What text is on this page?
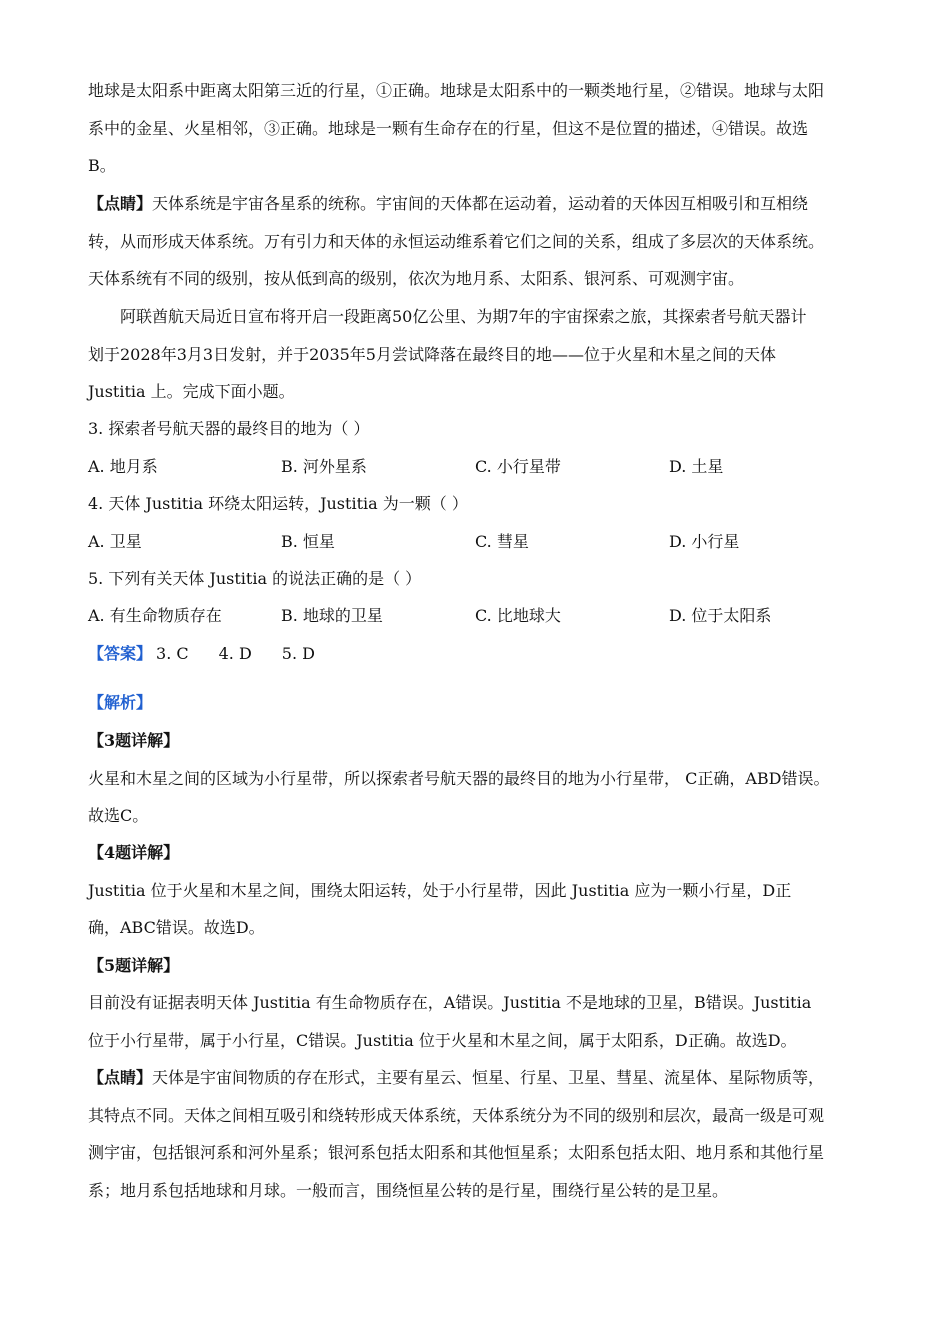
地球是太阳系中距离太阳第三近的行星，①正确。地球是太阳系中的一颗类地行星，②错误。地球与太阳
系中的金星、火星相邻，③正确。地球是一颗有生命存在的行星，但这不是位置的描述，④错误。故选
B。
【点睛】天体系统是宇宙各星系的统称。宇宙间的天体都在运动着，运动着的天体因互相吸引和互相绕
转，从而形成天体系统。万有引力和天体的永恒运动维系着它们之间的关系，组成了多层次的天体系统。
天体系统有不同的级别，按从低到高的级别，依次为地月系、太阳系、银河系、可观测宇宙。
阿联酋航天局近日宣布将开启一段距离50亿公里、为期7年的宇宙探索之旅，其探索者号航天器计
划于2028年3月3日发射，并于2035年5月尝试降落在最终目的地——位于火星和木星之间的天体
Justitia 上。完成下面小题。
3. 探索者号航天器的最终目的地为（ ）
A. 地月系	B. 河外星系	C. 小行星带	D. 土星
4. 天体 Justitia 环绕太阳运转，Justitia 为一颗（ ）
A. 卫星	B. 恒星	C. 彗星	D. 小行星
5. 下列有关天体 Justitia 的说法正确的是（ ）
A. 有生命物质存在	B. 地球的卫星	C. 比地球大	D. 位于太阳系
【答案】 3. C 4. D 5. D
【解析】
【3题详解】
火星和木星之间的区域为小行星带，所以探索者号航天器的最终目的地为小行星带， C正确，ABD错误。
故选C。
【4题详解】
Justitia 位于火星和木星之间，围绕太阳运转，处于小行星带，因此 Justitia 应为一颗小行星，D正
确，ABC错误。故选D。
【5题详解】
目前没有证据表明天体 Justitia 有生命物质存在，A错误。Justitia 不是地球的卫星，B错误。Justitia
位于小行星带，属于小行星，C错误。Justitia 位于火星和木星之间，属于太阳系，D正确。故选D。
【点睛】天体是宇宙间物质的存在形式，主要有星云、恒星、行星、卫星、彗星、流星体、星际物质等，
其特点不同。天体之间相互吸引和绕转形成天体系统，天体系统分为不同的级别和层次，最高一级是可观
测宇宙，包括银河系和河外星系；银河系包括太阳系和其他恒星系；太阳系包括太阳、地月系和其他行星
系；地月系包括地球和月球。一般而言，围绕恒星公转的是行星，围绕行星公转的是卫星。
